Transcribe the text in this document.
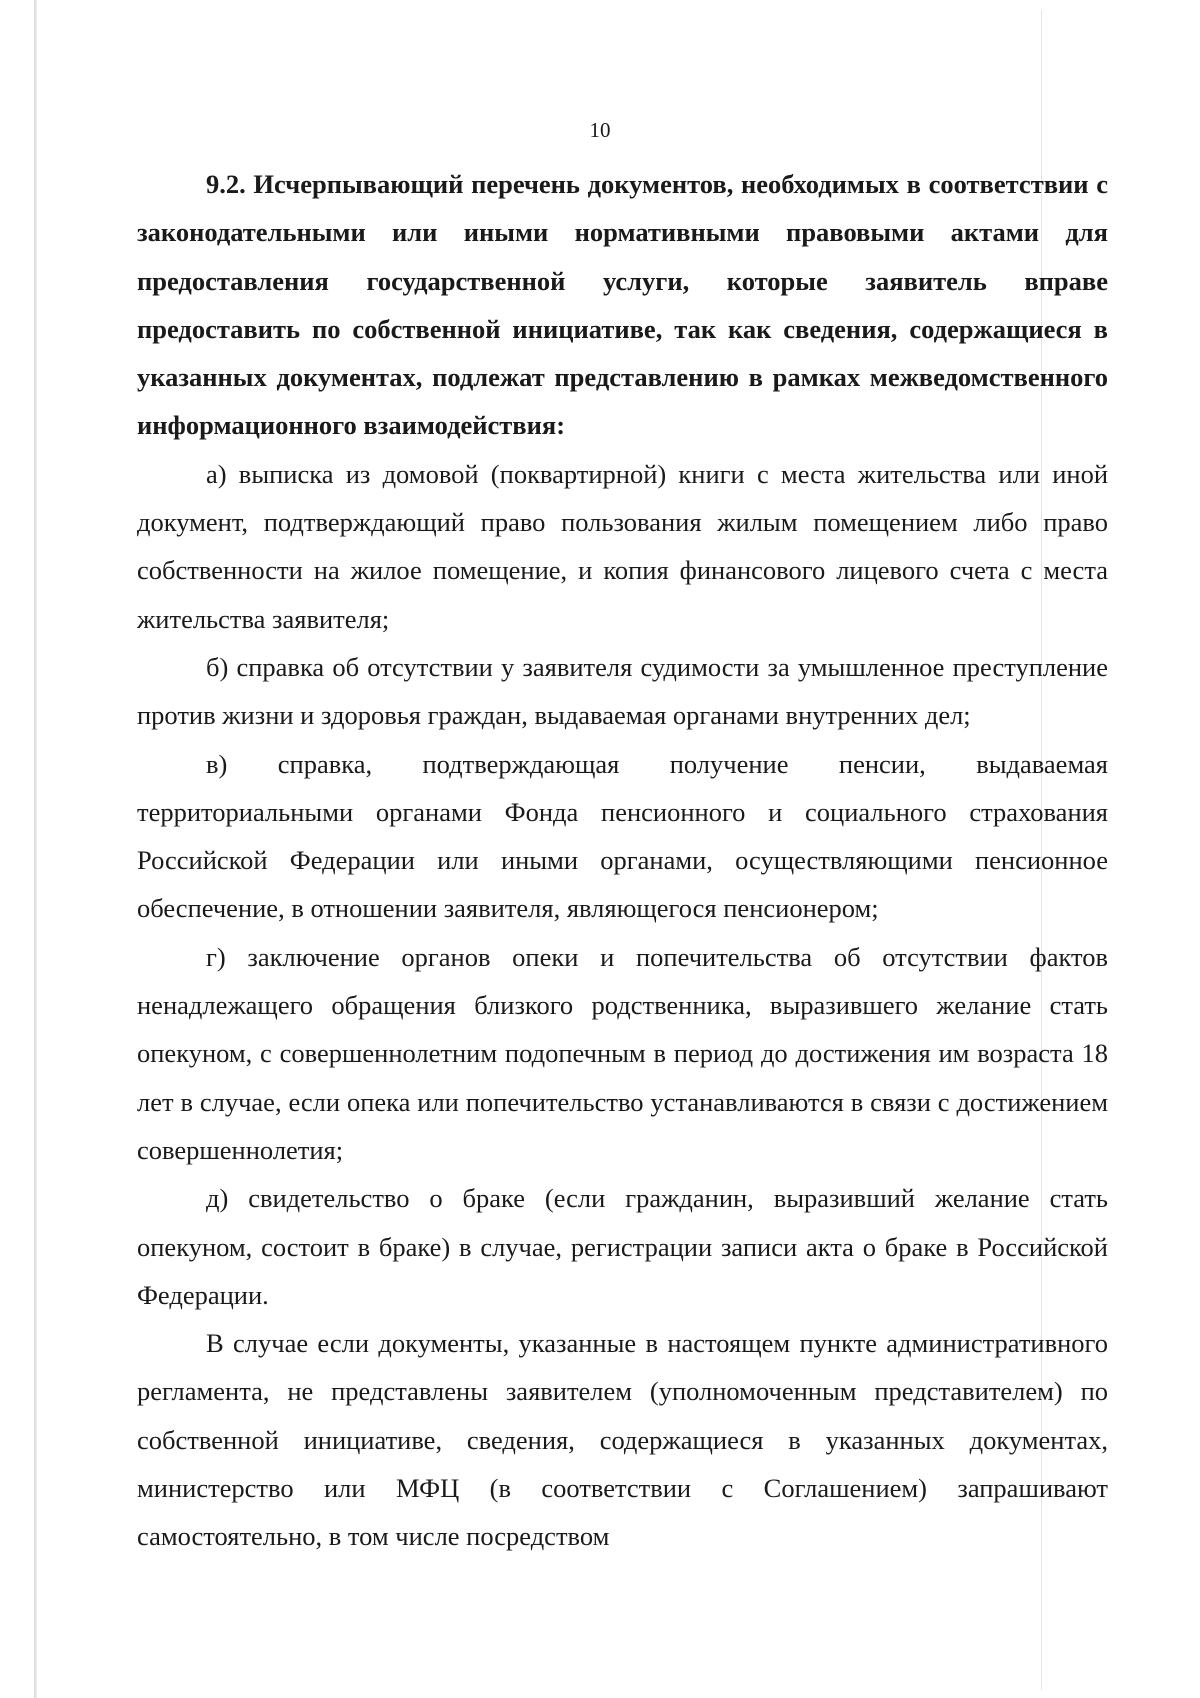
10

9.2. Исчерпывающий перечень документов, необходимых в соответствии с законодательными или иными нормативными правовыми актами для предоставления государственной услуги, которые заявитель вправе предоставить по собственной инициативе, так как сведения, содержащиеся в указанных документах, подлежат представлению в рамках межведомственного информационного взаимодействия:

а) выписка из домовой (поквартирной) книги с места жительства или иной документ, подтверждающий право пользования жилым помещением либо право собственности на жилое помещение, и копия финансового лицевого счета с места жительства заявителя;

б) справка об отсутствии у заявителя судимости за умышленное преступление против жизни и здоровья граждан, выдаваемая органами внутренних дел;

в) справка, подтверждающая получение пенсии, выдаваемая территориальными органами Фонда пенсионного и социального страхования Российской Федерации или иными органами, осуществляющими пенсионное обеспечение, в отношении заявителя, являющегося пенсионером;

г) заключение органов опеки и попечительства об отсутствии фактов ненадлежащего обращения близкого родственника, выразившего желание стать опекуном, с совершеннолетним подопечным в период до достижения им возраста 18 лет в случае, если опека или попечительство устанавливаются в связи с достижением совершеннолетия;

д) свидетельство о браке (если гражданин, выразивший желание стать опекуном, состоит в браке) в случае, регистрации записи акта о браке в Российской Федерации.

В случае если документы, указанные в настоящем пункте административного регламента, не представлены заявителем (уполномоченным представителем) по собственной инициативе, сведения, содержащиеся в указанных документах, министерство или МФЦ (в соответствии с Соглашением) запрашивают самостоятельно, в том числе посредством
